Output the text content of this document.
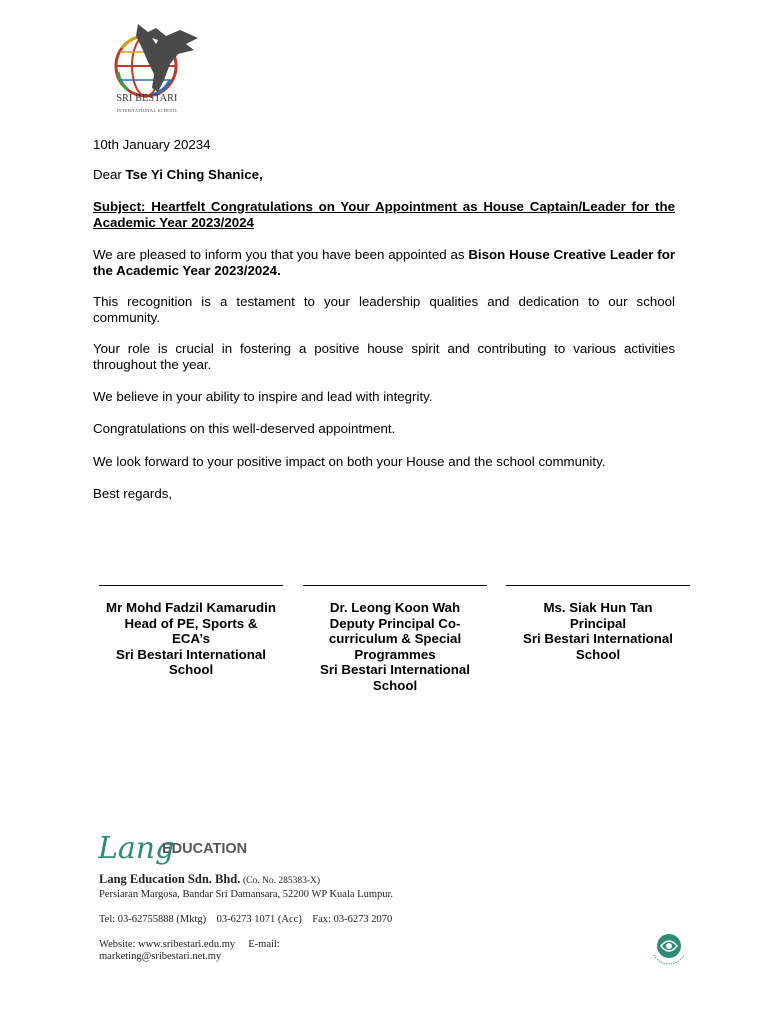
SRI BESTARI
INTERNATIONAL SCHOOL
10th January 20234
Dear Tse Yi Ching Shanice,
Subject: Heartfelt Congratulations on Your Appointment as House Captain/Leader for the Academic Year 2023/2024
We are pleased to inform you that you have been appointed as Bison House Creative Leader for the Academic Year 2023/2024.
This recognition is a testament to your leadership qualities and dedication to our school community.
Your role is crucial in fostering a positive house spirit and contributing to various activities throughout the year.
We believe in your ability to inspire and lead with integrity.
Congratulations on this well-deserved appointment.
We look forward to your positive impact on both your House and the school community.
Best regards,
Mr Mohd Fadzil Kamarudin
Head of PE, Sports & ECA’s
Sri Bestari International School
Dr. Leong Koon Wah
Deputy Principal Co-curriculum & Special Programmes
Sri Bestari International School
Ms. Siak Hun Tan
Principal
Sri Bestari International School
Lang
EDUCATION
Lang Education Sdn. Bhd. (Co. No. 285383-X)
Persiaran Margosa, Bandar Sri Damansara, 52200 WP Kuala Lumpur.
Tel: 03-62755888 (Mktg)    03-6273 1071 (Acc)    Fax: 03-6273 2070
Website: www.sribestari.edu.my     E-mail: marketing@sribestari.net.my
